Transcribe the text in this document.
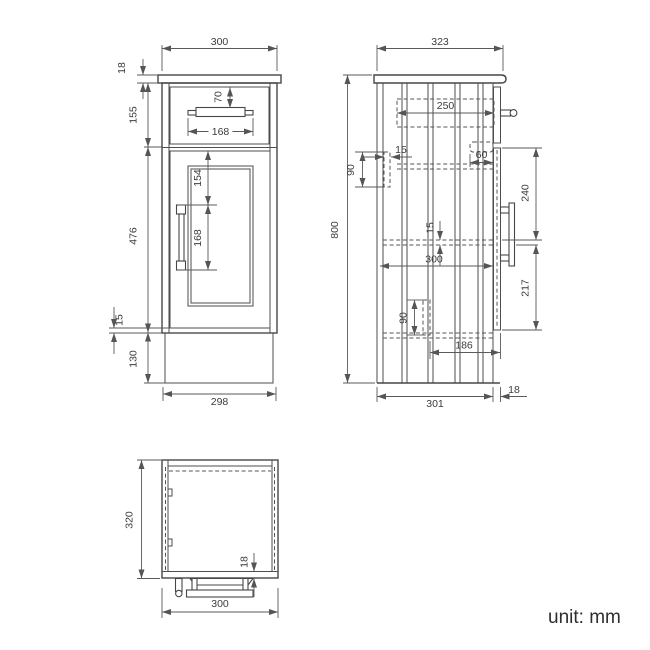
300
18
155
476
15
130
298
70
168
154
168
323
800
250
15
90
60
15
300
240
217
90
186
301
18
320
18
300
unit: mm
